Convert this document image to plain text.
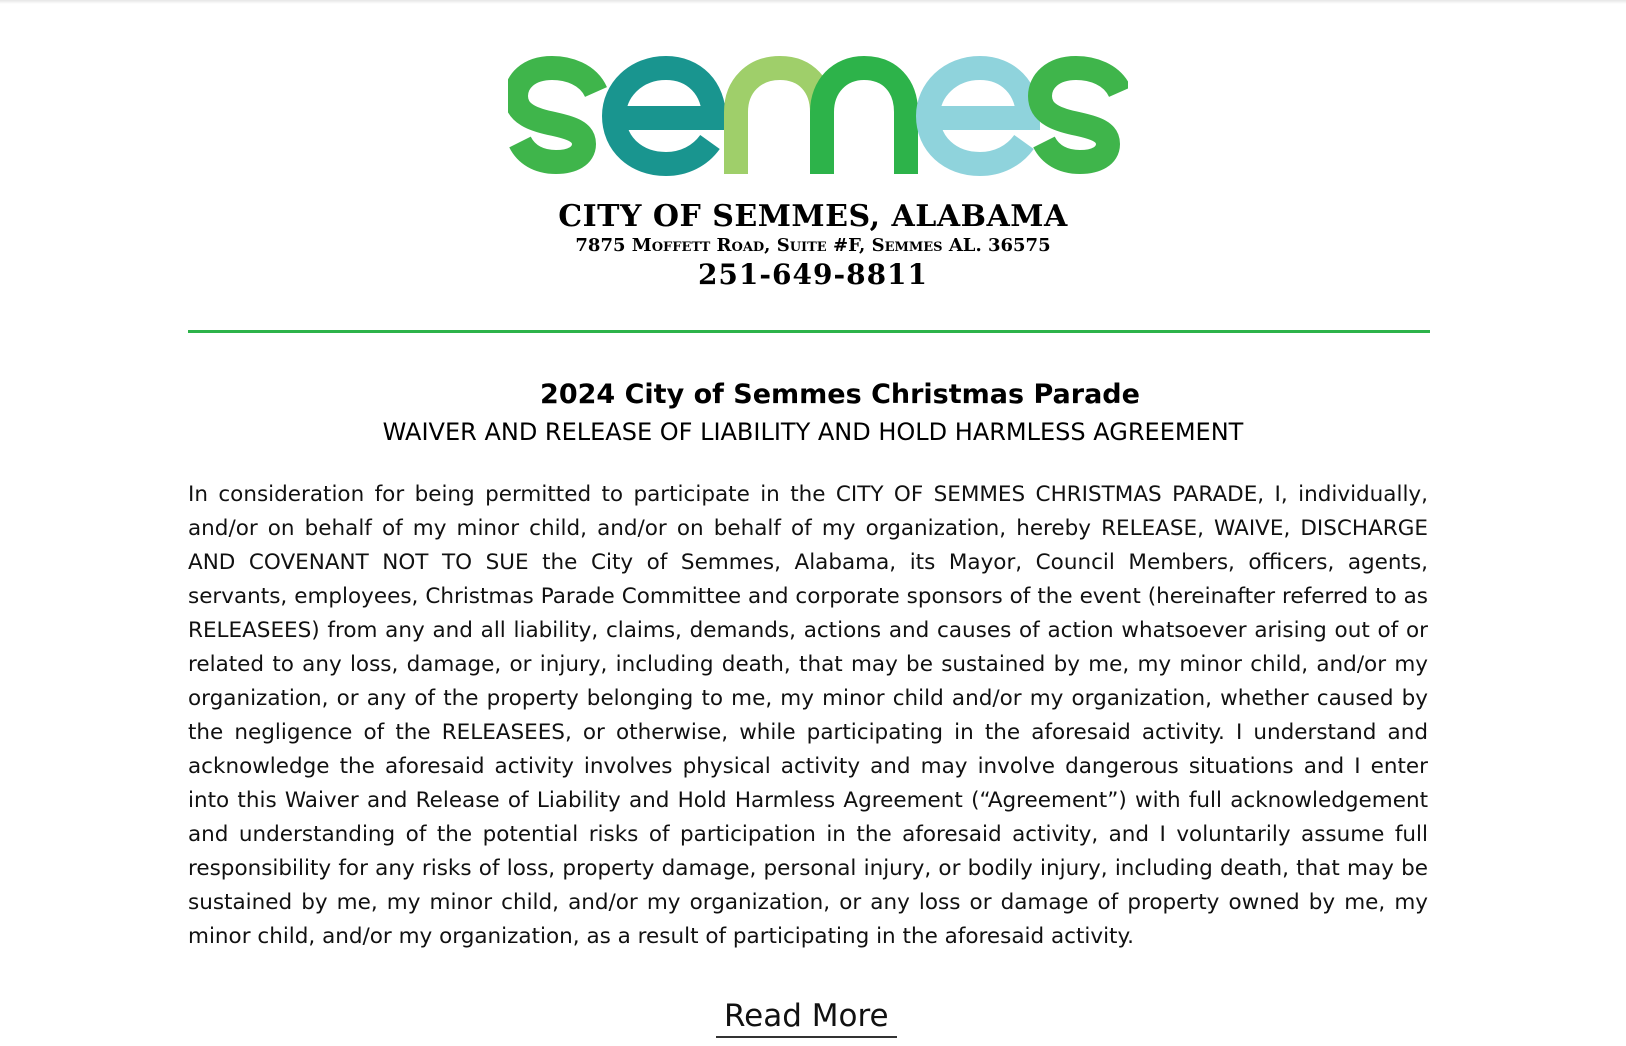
CITY OF SEMMES, ALABAMA
7875 Moffett Road, Suite #F, Semmes AL. 36575
251-649-8811
2024 City of Semmes Christmas Parade
WAIVER AND RELEASE OF LIABILITY AND HOLD HARMLESS AGREEMENT
In consideration for being permitted to participate in the CITY OF SEMMES CHRISTMAS PARADE, I, individually, and/or on behalf of my minor child, and/or on behalf of my organization, hereby RELEASE, WAIVE, DISCHARGE AND COVENANT NOT TO SUE the City of Semmes, Alabama, its Mayor, Council Members, officers, agents, servants, employees, Christmas Parade Committee and corporate sponsors of the event (hereinafter referred to as RELEASEES) from any and all liability, claims, demands, actions and causes of action whatsoever arising out of or related to any loss, damage, or injury, including death, that may be sustained by me, my minor child, and/or my organization, or any of the property belonging to me, my minor child and/or my organization, whether caused by the negligence of the RELEASEES, or otherwise, while participating in the aforesaid activity. I understand and acknowledge the aforesaid activity involves physical activity and may involve dangerous situations and I enter into this Waiver and Release of Liability and Hold Harmless Agreement (“Agreement”) with full acknowledgement and understanding of the potential risks of participation in the aforesaid activity, and I voluntarily assume full responsibility for any risks of loss, property damage, personal injury, or bodily injury, including death, that may be sustained by me, my minor child, and/or my organization, or any loss or damage of property owned by me, my minor child, and/or my organization, as a result of participating in the aforesaid activity.
Read More
